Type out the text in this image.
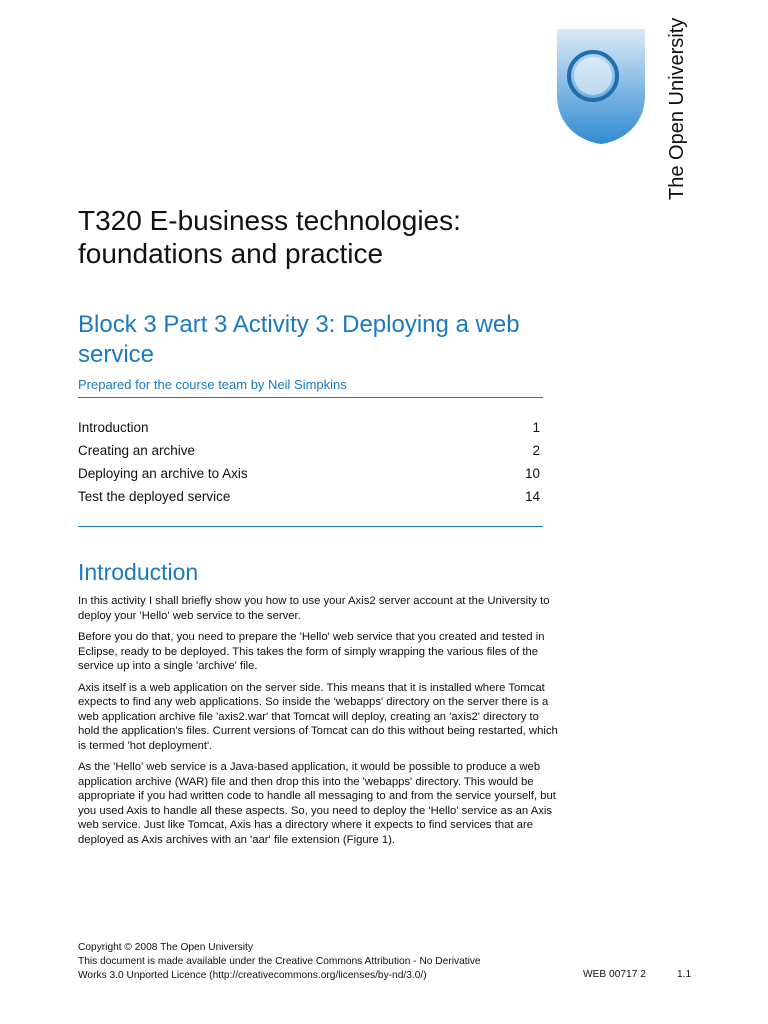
The Open University
T320 E-business technologies: foundations and practice
Block 3 Part 3 Activity 3: Deploying a web service
Prepared for the course team by Neil Simpkins
Introduction	1
Creating an archive	2
Deploying an archive to Axis	10
Test the deployed service	14
Introduction

In this activity I shall briefly show you how to use your Axis2 server account at the University to deploy your 'Hello' web service to the server.

Before you do that, you need to prepare the 'Hello' web service that you created and tested in Eclipse, ready to be deployed. This takes the form of simply wrapping the various files of the service up into a single 'archive' file.

Axis itself is a web application on the server side. This means that it is installed where Tomcat expects to find any web applications. So inside the 'webapps' directory on the server there is a web application archive file 'axis2.war' that Tomcat will deploy, creating an 'axis2' directory to hold the application's files. Current versions of Tomcat can do this without being restarted, which is termed 'hot deployment'.

As the 'Hello' web service is a Java-based application, it would be possible to produce a web application archive (WAR) file and then drop this into the 'webapps' directory. This would be appropriate if you had written code to handle all messaging to and from the service yourself, but you used Axis to handle all these aspects. So, you need to deploy the 'Hello' service as an Axis web service. Just like Tomcat, Axis has a directory where it expects to find services that are deployed as Axis archives with an 'aar' file extension (Figure 1).

Copyright © 2008 The Open University
This document is made available under the Creative Commons Attribution - No Derivative
Works 3.0 Unported Licence (http://creativecommons.org/licenses/by-nd/3.0/)	WEB 00717 2	1.1
